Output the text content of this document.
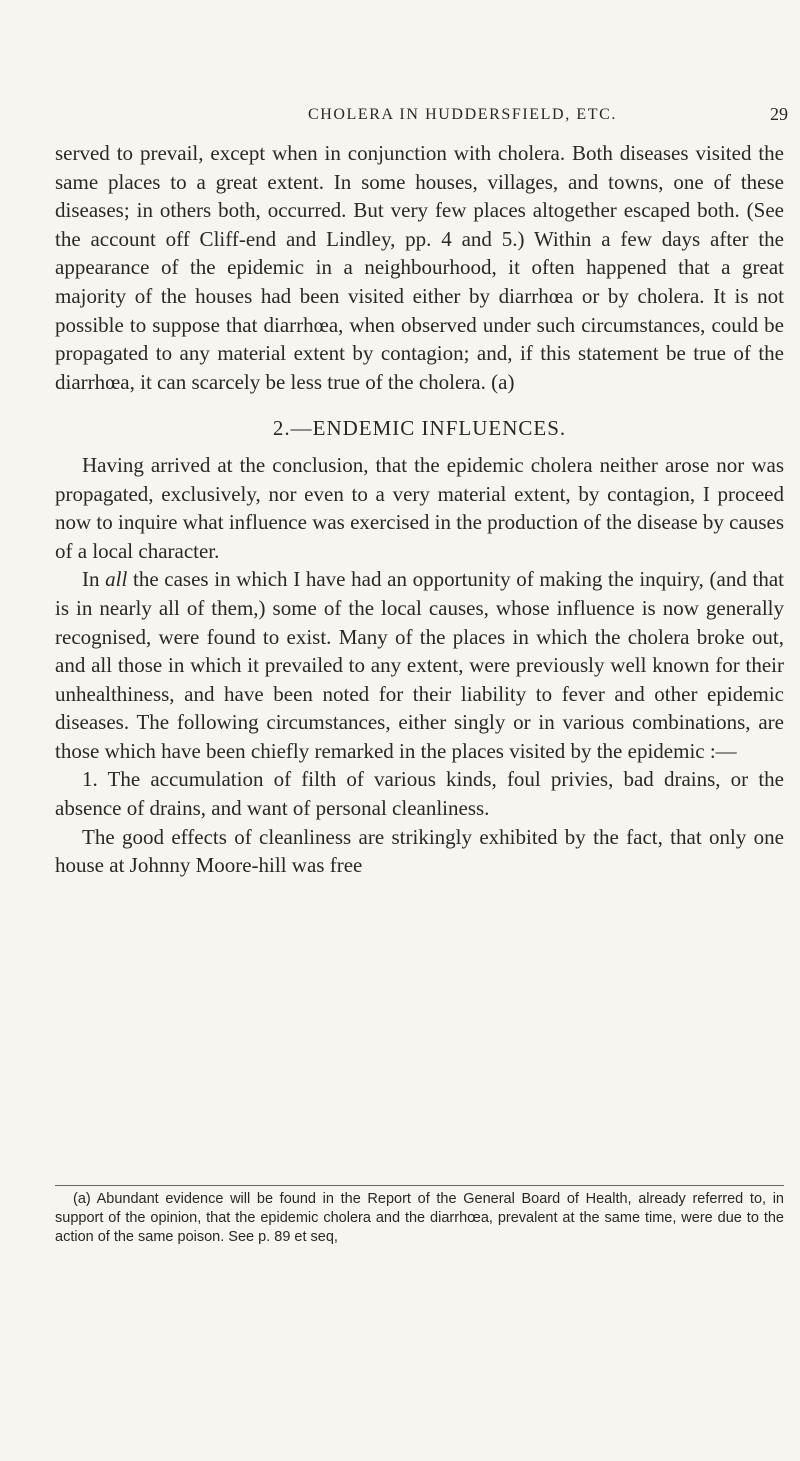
CHOLERA IN HUDDERSFIELD, ETC.	29

served to prevail, except when in conjunction with cholera. Both diseases visited the same places to a great extent. In some houses, villages, and towns, one of these diseases; in others both, occurred. But very few places altogether escaped both. (See the account off Cliff-end and Lindley, pp. 4 and 5.) Within a few days after the appearance of the epidemic in a neighbourhood, it often happened that a great majority of the houses had been visited either by diarrhœa or by cholera. It is not possible to suppose that diarrhœa, when observed under such circumstances, could be propagated to any material extent by contagion; and, if this statement be true of the diarrhœa, it can scarcely be less true of the cholera. (a)

2.—ENDEMIC INFLUENCES.

Having arrived at the conclusion, that the epidemic cholera neither arose nor was propagated, exclusively, nor even to a very material extent, by contagion, I proceed now to inquire what influence was exercised in the production of the disease by causes of a local character.

In all the cases in which I have had an opportunity of making the inquiry, (and that is in nearly all of them,) some of the local causes, whose influence is now generally recognised, were found to exist. Many of the places in which the cholera broke out, and all those in which it prevailed to any extent, were previously well known for their unhealthiness, and have been noted for their liability to fever and other epidemic diseases. The following circumstances, either singly or in various combinations, are those which have been chiefly remarked in the places visited by the epidemic :—

1. The accumulation of filth of various kinds, foul privies, bad drains, or the absence of drains, and want of personal cleanliness.

The good effects of cleanliness are strikingly exhibited by the fact, that only one house at Johnny Moore-hill was free

(a) Abundant evidence will be found in the Report of the General Board of Health, already referred to, in support of the opinion, that the epidemic cholera and the diarrhœa, prevalent at the same time, were due to the action of the same poison. See p. 89 et seq,
